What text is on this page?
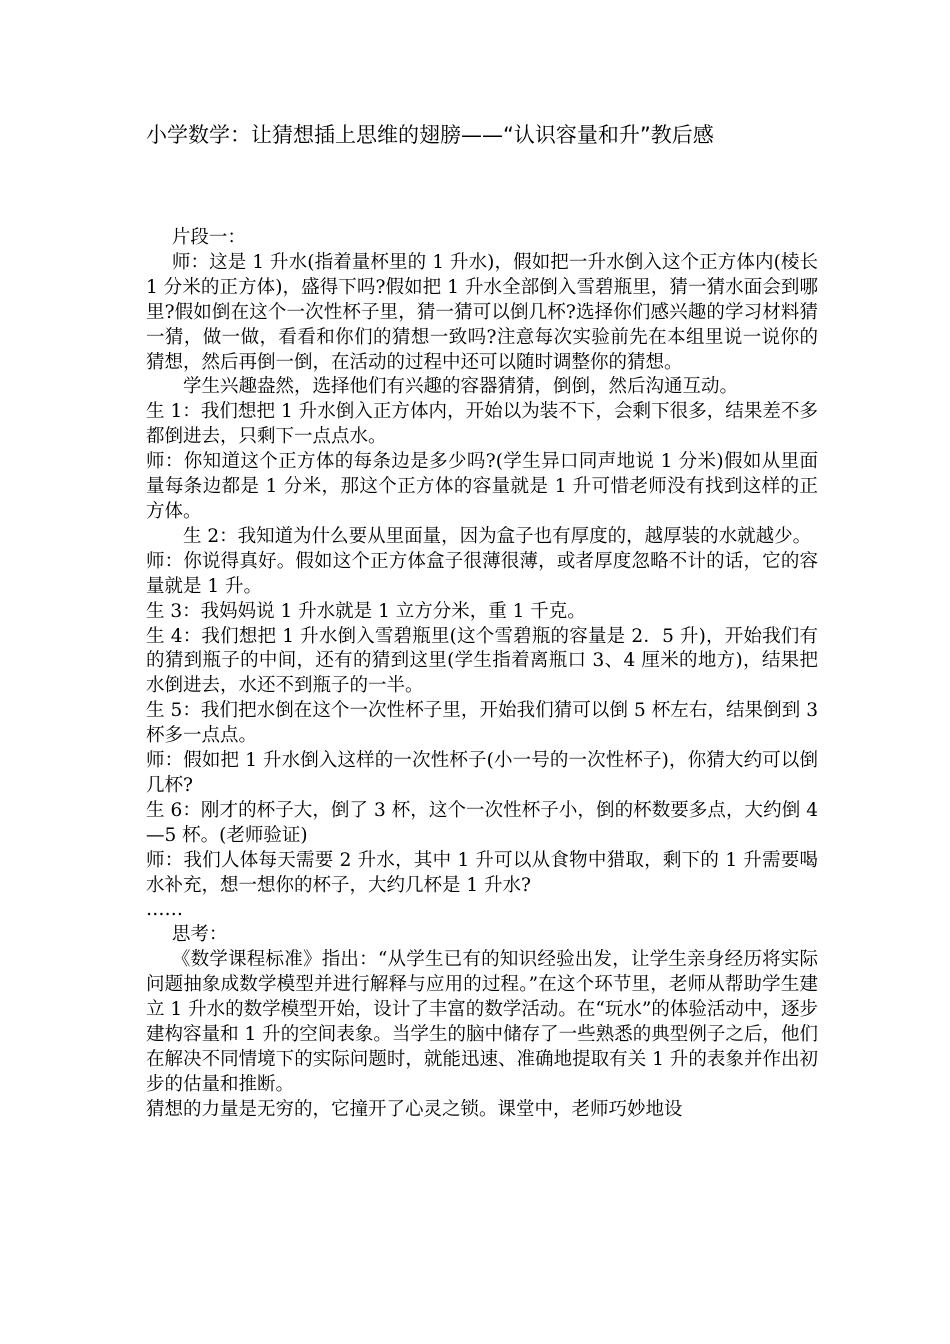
小学数学：让猜想插上思维的翅膀——“认识容量和升”教后感

片段一：

师：这是 1 升水(指着量杯里的 1 升水)，假如把一升水倒入这个正方体内(棱长 1 分米的正方体)，盛得下吗?假如把 1 升水全部倒入雪碧瓶里，猜一猜水面会到哪里?假如倒在这个一次性杯子里，猜一猜可以倒几杯?选择你们感兴趣的学习材料猜一猜，做一做，看看和你们的猜想一致吗?注意每次实验前先在本组里说一说你的猜想，然后再倒一倒，在活动的过程中还可以随时调整你的猜想。

学生兴趣盎然，选择他们有兴趣的容器猜猜，倒倒，然后沟通互动。

生 1：我们想把 1 升水倒入正方体内，开始以为装不下，会剩下很多，结果差不多都倒进去，只剩下一点点水。

师：你知道这个正方体的每条边是多少吗?(学生异口同声地说 1 分米)假如从里面量每条边都是 1 分米，那这个正方体的容量就是 1 升可惜老师没有找到这样的正方体。

生 2：我知道为什么要从里面量，因为盒子也有厚度的，越厚装的水就越少。

师：你说得真好。假如这个正方体盒子很薄很薄，或者厚度忽略不计的话，它的容量就是 1 升。

生 3：我妈妈说 1 升水就是 1 立方分米，重 1 千克。

生 4：我们想把 1 升水倒入雪碧瓶里(这个雪碧瓶的容量是 2．5 升)，开始我们有的猜到瓶子的中间，还有的猜到这里(学生指着离瓶口 3、4 厘米的地方)，结果把水倒进去，水还不到瓶子的一半。

生 5：我们把水倒在这个一次性杯子里，开始我们猜可以倒 5 杯左右，结果倒到 3 杯多一点点。

师：假如把 1 升水倒入这样的一次性杯子(小一号的一次性杯子)，你猜大约可以倒几杯?

生 6：刚才的杯子大，倒了 3 杯，这个一次性杯子小，倒的杯数要多点，大约倒 4—5 杯。(老师验证)

师：我们人体每天需要 2 升水，其中 1 升可以从食物中猎取，剩下的 1 升需要喝水补充，想一想你的杯子，大约几杯是 1 升水?

……

思考：

《数学课程标准》指出：“从学生已有的知识经验出发，让学生亲身经历将实际问题抽象成数学模型并进行解释与应用的过程。”在这个环节里，老师从帮助学生建立 1 升水的数学模型开始，设计了丰富的数学活动。在“玩水”的体验活动中，逐步建构容量和 1 升的空间表象。当学生的脑中储存了一些熟悉的典型例子之后，他们在解决不同情境下的实际问题时，就能迅速、准确地提取有关 1 升的表象并作出初步的估量和推断。

猜想的力量是无穷的，它撞开了心灵之锁。课堂中，老师巧妙地设
